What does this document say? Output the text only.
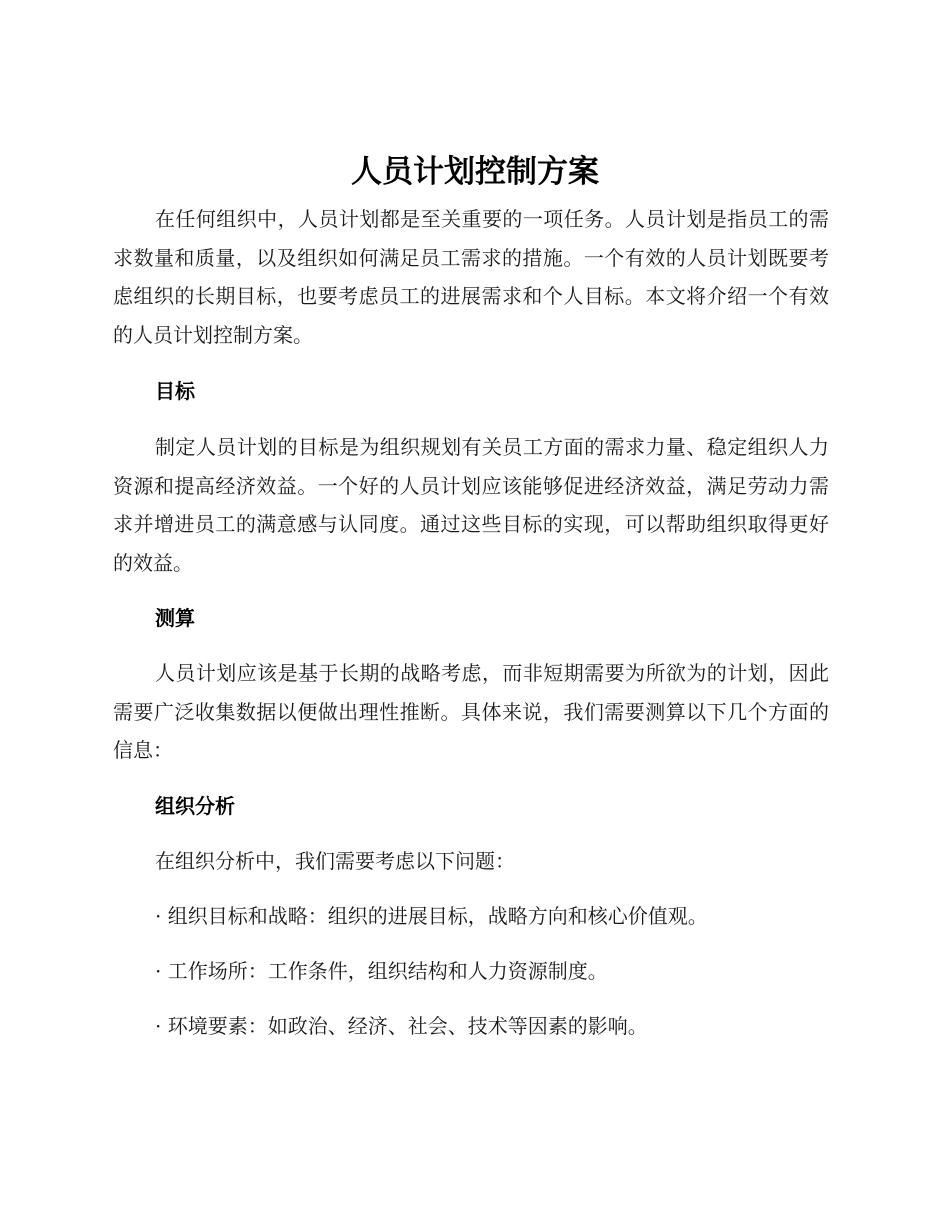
人员计划控制方案

在任何组织中，人员计划都是至关重要的一项任务。人员计划是指员工的需求数量和质量，以及组织如何满足员工需求的措施。一个有效的人员计划既要考虑组织的长期目标，也要考虑员工的进展需求和个人目标。本文将介绍一个有效的人员计划控制方案。

目标

制定人员计划的目标是为组织规划有关员工方面的需求力量、稳定组织人力资源和提高经济效益。一个好的人员计划应该能够促进经济效益，满足劳动力需求并增进员工的满意感与认同度。通过这些目标的实现，可以帮助组织取得更好的效益。

测算

人员计划应该是基于长期的战略考虑，而非短期需要为所欲为的计划，因此需要广泛收集数据以便做出理性推断。具体来说，我们需要测算以下几个方面的信息：

组织分析

在组织分析中，我们需要考虑以下问题：

· 组织目标和战略：组织的进展目标，战略方向和核心价值观。

· 工作场所：工作条件，组织结构和人力资源制度。

· 环境要素：如政治、经济、社会、技术等因素的影响。
